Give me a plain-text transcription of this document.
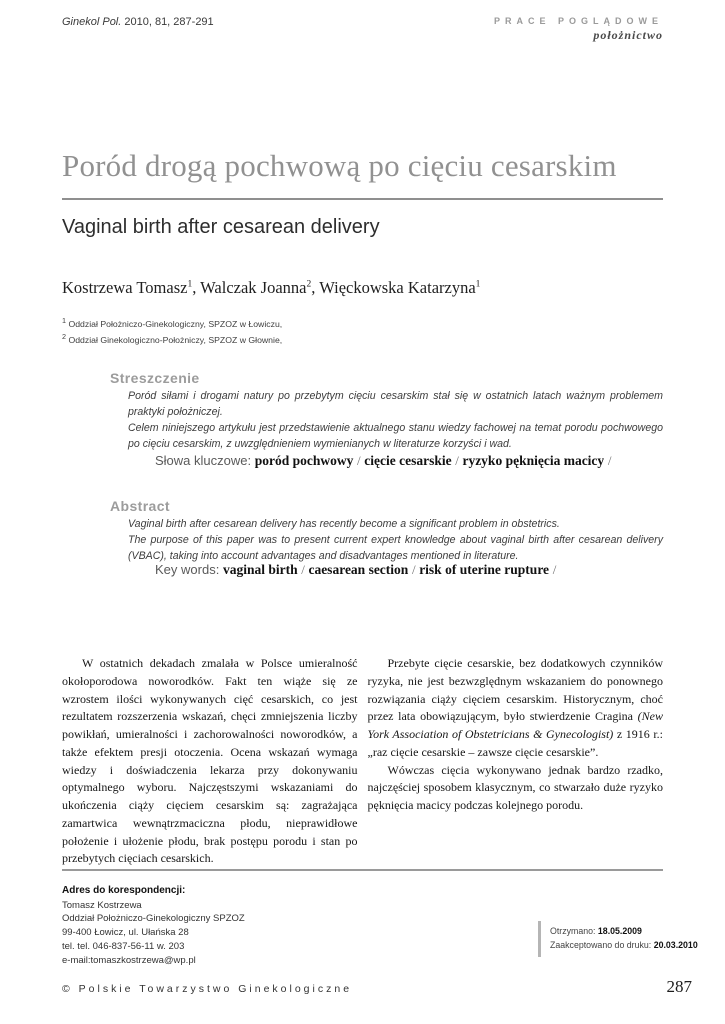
Ginekol Pol. 2010, 81, 287-291	PRACE POGLĄDOWE
położnictwo
Poród drogą pochwową po cięciu cesarskim
Vaginal birth after cesarean delivery
Kostrzewa Tomasz$^1$, Walczak Joanna$^2$, Więckowska Katarzyna$^1$
$^1$ Oddział Położniczo-Ginekologiczny, SPZOZ w Łowiczu,
$^2$ Oddział Ginekologiczno-Położniczy, SPZOZ w Głownie,
Streszczenie

Poród siłami i drogami natury po przebytym cięciu cesarskim stał się w ostatnich latach ważnym problemem praktyki położniczej.

Celem niniejszego artykułu jest przedstawienie aktualnego stanu wiedzy fachowej na temat porodu pochwowego po cięciu cesarskim, z uwzględnieniem wymienianych w literaturze korzyści i wad.

Słowa kluczowe: poród pochwowy / cięcie cesarskie / ryzyko pęknięcia macicy /
Abstract

Vaginal birth after cesarean delivery has recently become a significant problem in obstetrics.

The purpose of this paper was to present current expert knowledge about vaginal birth after cesarean delivery (VBAC), taking into account advantages and disadvantages mentioned in literature.

Key words: vaginal birth / caesarean section / risk of uterine rupture /

W ostatnich dekadach zmalała w Polsce umieralność okołoporodowa noworodków. Fakt ten wiąże się ze wzrostem ilości wykonywanych cięć cesarskich, co jest rezultatem rozszerzenia wskazań, chęci zmniejszenia liczby powikłań, umieralności i zachorowalności noworodków, a także efektem presji otoczenia. Ocena wskazań wymaga wiedzy i doświadczenia lekarza przy dokonywaniu optymalnego wyboru. Najczęstszymi wskazaniami do ukończenia ciąży cięciem cesarskim są: zagrażająca zamartwica wewnątrzmaciczna płodu, nieprawidłowe położenie i ułożenie płodu, brak postępu porodu i stan po przebytych cięciach cesarskich.

Przebyte cięcie cesarskie, bez dodatkowych czynników ryzyka, nie jest bezwzględnym wskazaniem do ponownego rozwiązania ciąży cięciem cesarskim. Historycznym, choć przez lata obowiązującym, było stwierdzenie Cragina (New York Association of Obstetricians & Gynecologist) z 1916 r.: „raz cięcie cesarskie – zawsze cięcie cesarskie”.

Wówczas cięcia wykonywano jednak bardzo rzadko, najczęściej sposobem klasycznym, co stwarzało duże ryzyko pęknięcia macicy podczas kolejnego porodu.

Adres do korespondencji:
Tomasz Kostrzewa
Oddział Położniczo-Ginekologiczny SPZOZ
99-400 Łowicz, ul. Ułańska 28
tel. tel. 046-837-56-11 w. 203
e-mail:tomaszkostrzewa@wp.pl
Otrzymano: 18.05.2009
Zaakceptowano do druku: 20.03.2010
© Polskie Towarzystwo Ginekologiczne	287
